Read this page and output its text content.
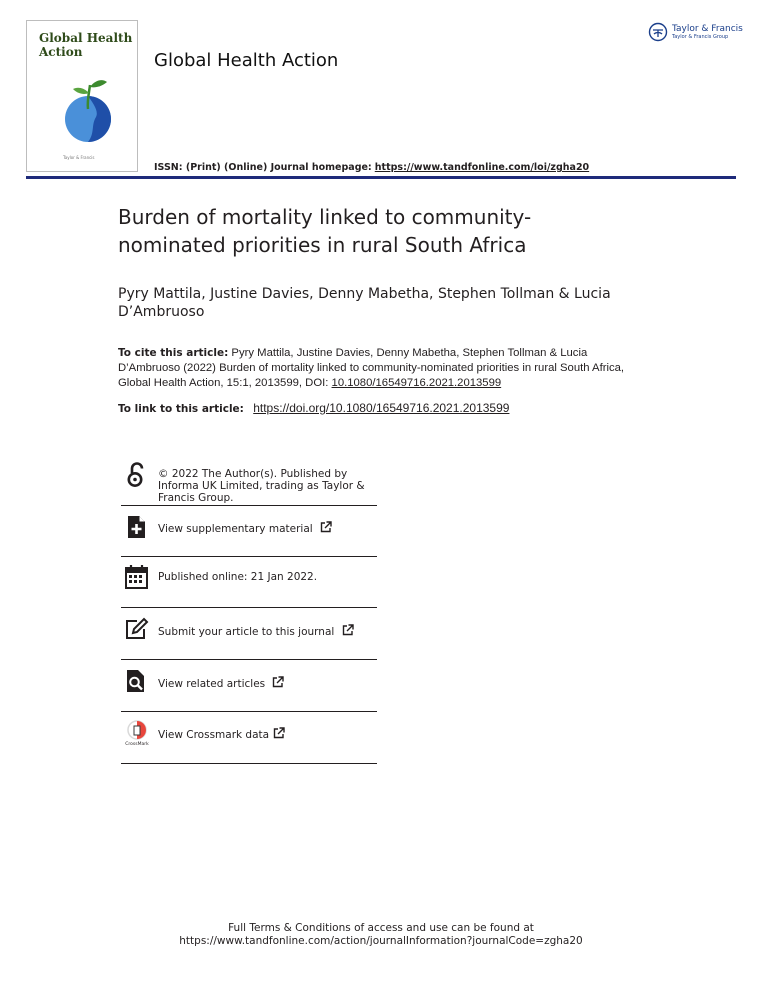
Global Health Action
Taylor & Francis
Global Health Action
Taylor & Francis
Taylor & Francis Group
ISSN: (Print) (Online) Journal homepage: https://www.tandfonline.com/loi/zgha20
Burden of mortality linked to community-nominated priorities in rural South Africa
Pyry Mattila, Justine Davies, Denny Mabetha, Stephen Tollman & Lucia D’Ambruoso
To cite this article: Pyry Mattila, Justine Davies, Denny Mabetha, Stephen Tollman & Lucia D’Ambruoso (2022) Burden of mortality linked to community-nominated priorities in rural South Africa, Global Health Action, 15:1, 2013599, DOI: 10.1080/16549716.2021.2013599
To link to this article: https://doi.org/10.1080/16549716.2021.2013599
© 2022 The Author(s). Published by Informa UK Limited, trading as Taylor & Francis Group.
View supplementary material
Published online: 21 Jan 2022.
Submit your article to this journal
View related articles
CrossMark
View Crossmark data
Full Terms & Conditions of access and use can be found at
https://www.tandfonline.com/action/journalInformation?journalCode=zgha20
